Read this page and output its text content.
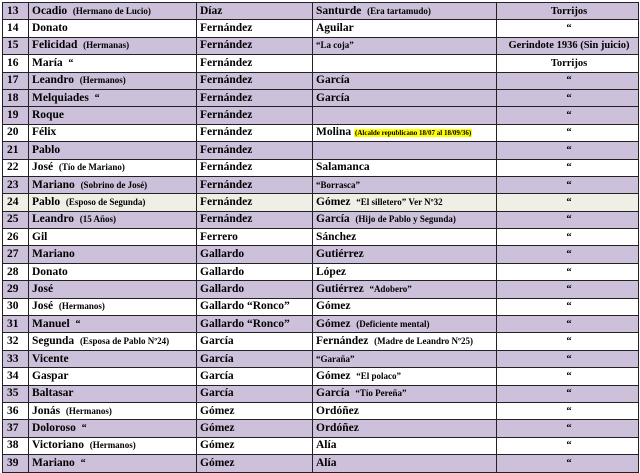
13	Ocadio (Hermano de Lucio)	Díaz	Santurde (Era tartamudo)	Torrijos
14	Donato	Fernández	Aguilar	“
15	Felicidad (Hermanas)	Fernández	“La coja”	Gerindote 1936 (Sin juicio)
16	María “	Fernández		Torrijos
17	Leandro (Hermanos)	Fernández	García	“
18	Melquiades “	Fernández	García	“
19	Roque	Fernández		“
20	Félix	Fernández	Molina (Alcalde republicano 18/07 al 18/09/36)	“
21	Pablo	Fernández		“
22	José (Tío de Mariano)	Fernández	Salamanca	“
23	Mariano (Sobrino de José)	Fernández	“Borrasca”	“
24	Pablo (Esposo de Segunda)	Fernández	Gómez “El silletero” Ver Nº32	“
25	Leandro (15 Años)	Fernández	García (Hijo de Pablo y Segunda)	“
26	Gil	Ferrero	Sánchez	“
27	Mariano	Gallardo	Gutiérrez	“
28	Donato	Gallardo	López	“
29	José	Gallardo	Gutiérrez “Adobero”	“
30	José (Hermanos)	Gallardo “Ronco”	Gómez	“
31	Manuel “	Gallardo “Ronco”	Gómez (Deficiente mental)	“
32	Segunda (Esposa de Pablo Nº24)	García	Fernández (Madre de Leandro Nº25)	“
33	Vicente	García	“Garaña”	“
34	Gaspar	García	Gómez “El polaco”	“
35	Baltasar	García	García “Tío Pereña”	“
36	Jonás (Hermanos)	Gómez	Ordóñez	“
37	Doloroso “	Gómez	Ordóñez	“
38	Victoriano (Hermanos)	Gómez	Alía	“
39	Mariano “	Gómez	Alía	“
